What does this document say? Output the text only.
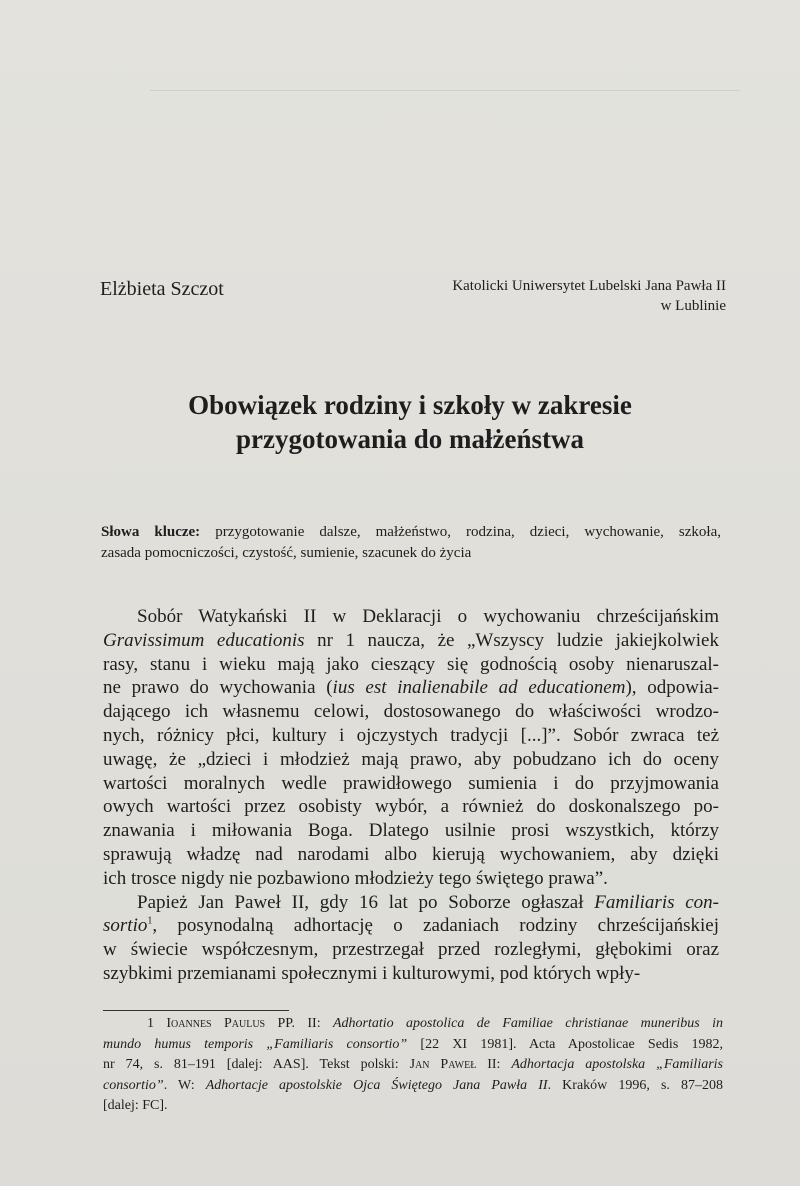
Elżbieta Szczot	Katolicki Uniwersytet Lubelski Jana Pawła II
w Lublinie
Obowiązek rodziny i szkoły w zakresie
przygotowania do małżeństwa
Słowa klucze: przygotowanie dalsze, małżeństwo, rodzina, dzieci, wychowanie, szkoła,
zasada pomocniczości, czystość, sumienie, szacunek do życia
Sobór Watykański II w Deklaracji o wychowaniu chrześcijańskim
Gravissimum educationis nr 1 naucza, że „Wszyscy ludzie jakiejkolwiek
rasy, stanu i wieku mają jako cieszący się godnością osoby nienaruszal-
ne prawo do wychowania (ius est inalienabile ad educationem), odpowia-
dającego ich własnemu celowi, dostosowanego do właściwości wrodzo-
nych, różnicy płci, kultury i ojczystych tradycji [...]”. Sobór zwraca też
uwagę, że „dzieci i młodzież mają prawo, aby pobudzano ich do oceny
wartości moralnych wedle prawidłowego sumienia i do przyjmowania
owych wartości przez osobisty wybór, a również do doskonalszego po-
znawania i miłowania Boga. Dlatego usilnie prosi wszystkich, którzy
sprawują władzę nad narodami albo kierują wychowaniem, aby dzięki
ich trosce nigdy nie pozbawiono młodzieży tego świętego prawa”.
Papież Jan Paweł II, gdy 16 lat po Soborze ogłaszał Familiaris con-
sortio$^1$, posynodalną adhortację o zadaniach rodziny chrześcijańskiej
w świecie współczesnym, przestrzegał przed rozległymi, głębokimi oraz
szybkimi przemianami społecznymi i kulturowymi, pod których wpły-
1 Ioannes Paulus PP. II: Adhortatio apostolica de Familiae christianae muneribus in
mundo humus temporis „Familiaris consortio” [22 XI 1981]. Acta Apostolicae Sedis 1982,
nr 74, s. 81–191 [dalej: AAS]. Tekst polski: Jan Paweł II: Adhortacja apostolska „Familiaris
consortio”. W: Adhortacje apostolskie Ojca Świętego Jana Pawła II. Kraków 1996, s. 87–208
[dalej: FC].
